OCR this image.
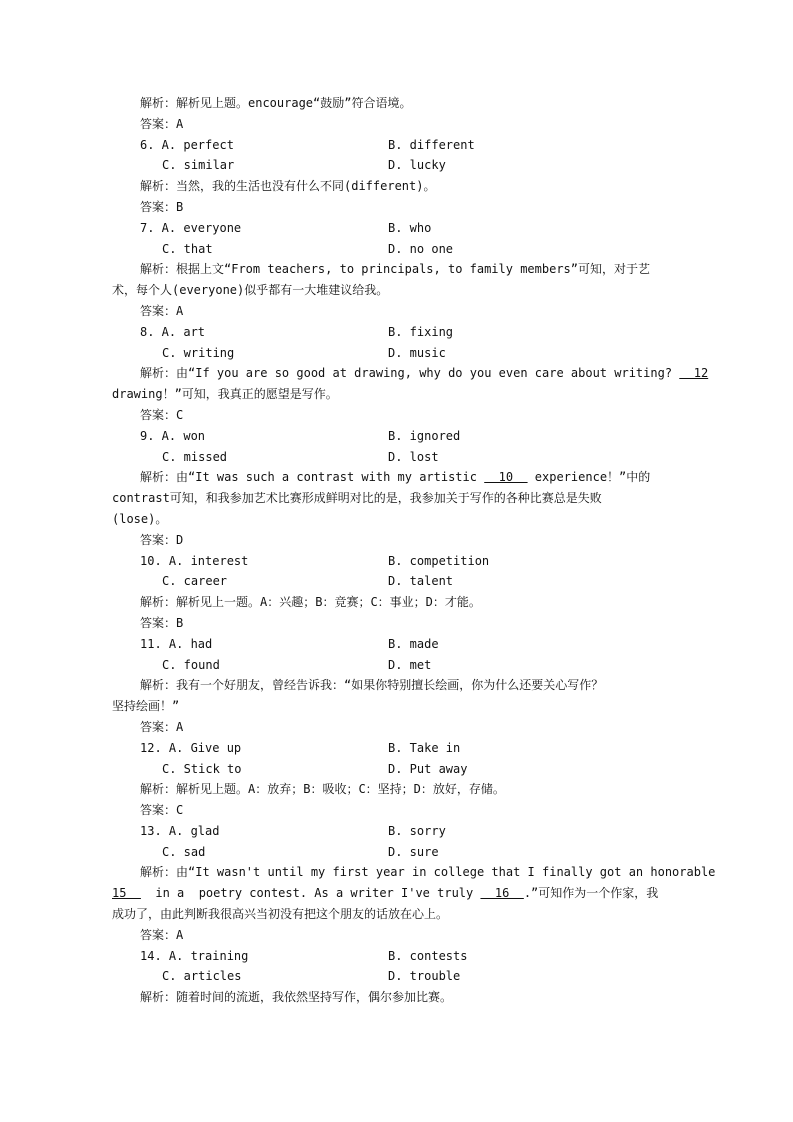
解析：解析见上题。encourage“鼓励”符合语境。
答案：A
6. A. perfect	B. different
C. similar	D. lucky
解析：当然，我的生活也没有什么不同(different)。
答案：B
7. A. everyone	B. who
C. that	D. no one
解析：根据上文“From teachers, to principals, to family members”可知，对于艺
术，每个人(everyone)似乎都有一大堆建议给我。
答案：A
8. A. art	B. fixing
C. writing	D. music
解析：由“If you are so good at drawing, why do you even care about writing?   12
drawing！”可知，我真正的愿望是写作。
答案：C
9. A. won	B. ignored
C. missed	D. lost
解析：由“It was such a contrast with my artistic   10   experience！”中的
contrast可知，和我参加艺术比赛形成鲜明对比的是，我参加关于写作的各种比赛总是失败
(lose)。
答案：D
10. A. interest	B. competition
C. career	D. talent
解析：解析见上一题。A：兴趣；B：竞赛；C：事业；D：才能。
答案：B
11. A. had	B. made
C. found	D. met
解析：我有一个好朋友，曾经告诉我：“如果你特别擅长绘画，你为什么还要关心写作？
坚持绘画！”
答案：A
12. A. Give up	B. Take in
C. Stick to	D. Put away
解析：解析见上题。A：放弃；B：吸收；C：坚持；D：放好，存储。
答案：C
13. A. glad	B. sorry
C. sad	D. sure
解析：由“It wasn't until my first year in college that I finally got an honorable
15    in a  poetry contest. As a writer I've truly   16  .”可知作为一个作家，我
成功了，由此判断我很高兴当初没有把这个朋友的话放在心上。
答案：A
14. A. training	B. contests
C. articles	D. trouble
解析：随着时间的流逝，我依然坚持写作，偶尔参加比赛。
